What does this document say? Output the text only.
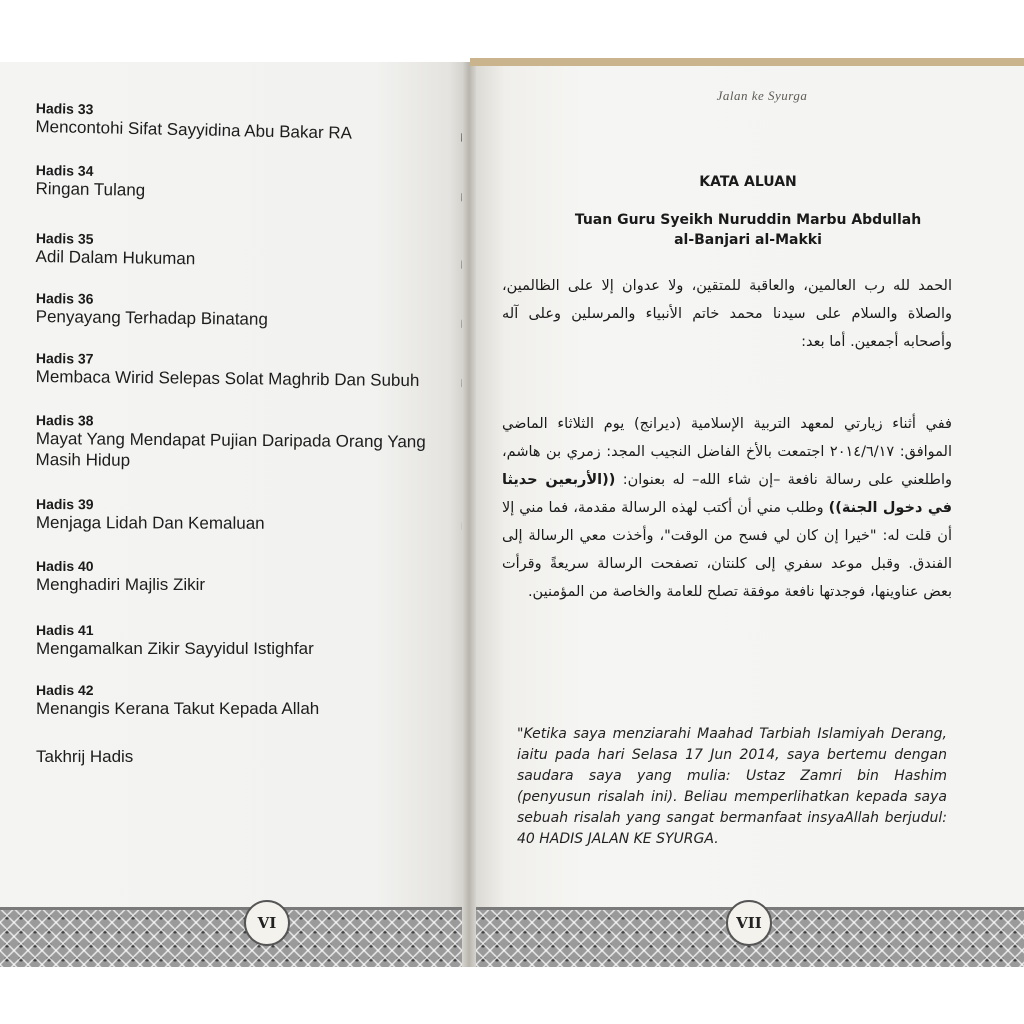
Hadis 33
Mencontohi Sifat Sayyidina Abu Bakar RA
Hadis 34
Ringan Tulang
Hadis 35
Adil Dalam Hukuman
Hadis 36
Penyayang Terhadap Binatang
Hadis 37
Membaca Wirid Selepas Solat Maghrib Dan Subuh
Hadis 38
Mayat Yang Mendapat Pujian Daripada Orang Yang
Masih Hidup
Hadis 39
Menjaga Lidah Dan Kemaluan
Hadis 40
Menghadiri Majlis Zikir
Hadis 41
Mengamalkan Zikir Sayyidul Istighfar
Hadis 42
Menangis Kerana Takut Kepada Allah
Takhrij Hadis
Jalan ke Syurga
KATA ALUAN
Tuan Guru Syeikh Nuruddin Marbu Abdullah
al-Banjari al-Makki

الحمد لله رب العالمين، والعاقبة للمتقين، ولا عدوان إلا على الظالمين، والصلاة والسلام على سيدنا محمد خاتم الأنبياء والمرسلين وعلى آله وأصحابه أجمعين. أما بعد:

ففي أثناء زيارتي لمعهد التربية الإسلامية (ديرانج) يوم الثلاثاء الماضي الموافق: ٢٠١٤/٦/١٧ اجتمعت بالأخ الفاضل النجيب المجد: زمري بن هاشم، واطلعني على رسالة نافعة –إن شاء الله– له بعنوان: ((الأربعين حديثا في دخول الجنة)) وطلب مني أن أكتب لهذه الرسالة مقدمة، فما مني إلا أن قلت له: "خيرا إن كان لي فسح من الوقت"، وأخذت معي الرسالة إلى الفندق. وقبل موعد سفري إلى كلنتان، تصفحت الرسالة سريعةً وقرأت بعض عناوينها، فوجدتها نافعة موفقة تصلح للعامة والخاصة من المؤمنين.

"Ketika saya menziarahi Maahad Tarbiah Islamiyah Derang, iaitu pada hari Selasa 17 Jun 2014, saya bertemu dengan saudara saya yang mulia: Ustaz Zamri bin Hashim (penyusun risalah ini). Beliau memperlihatkan kepada saya sebuah risalah yang sangat bermanfaat insyaAllah berjudul: 40 HADIS JALAN KE SYURGA.
VI	VII
